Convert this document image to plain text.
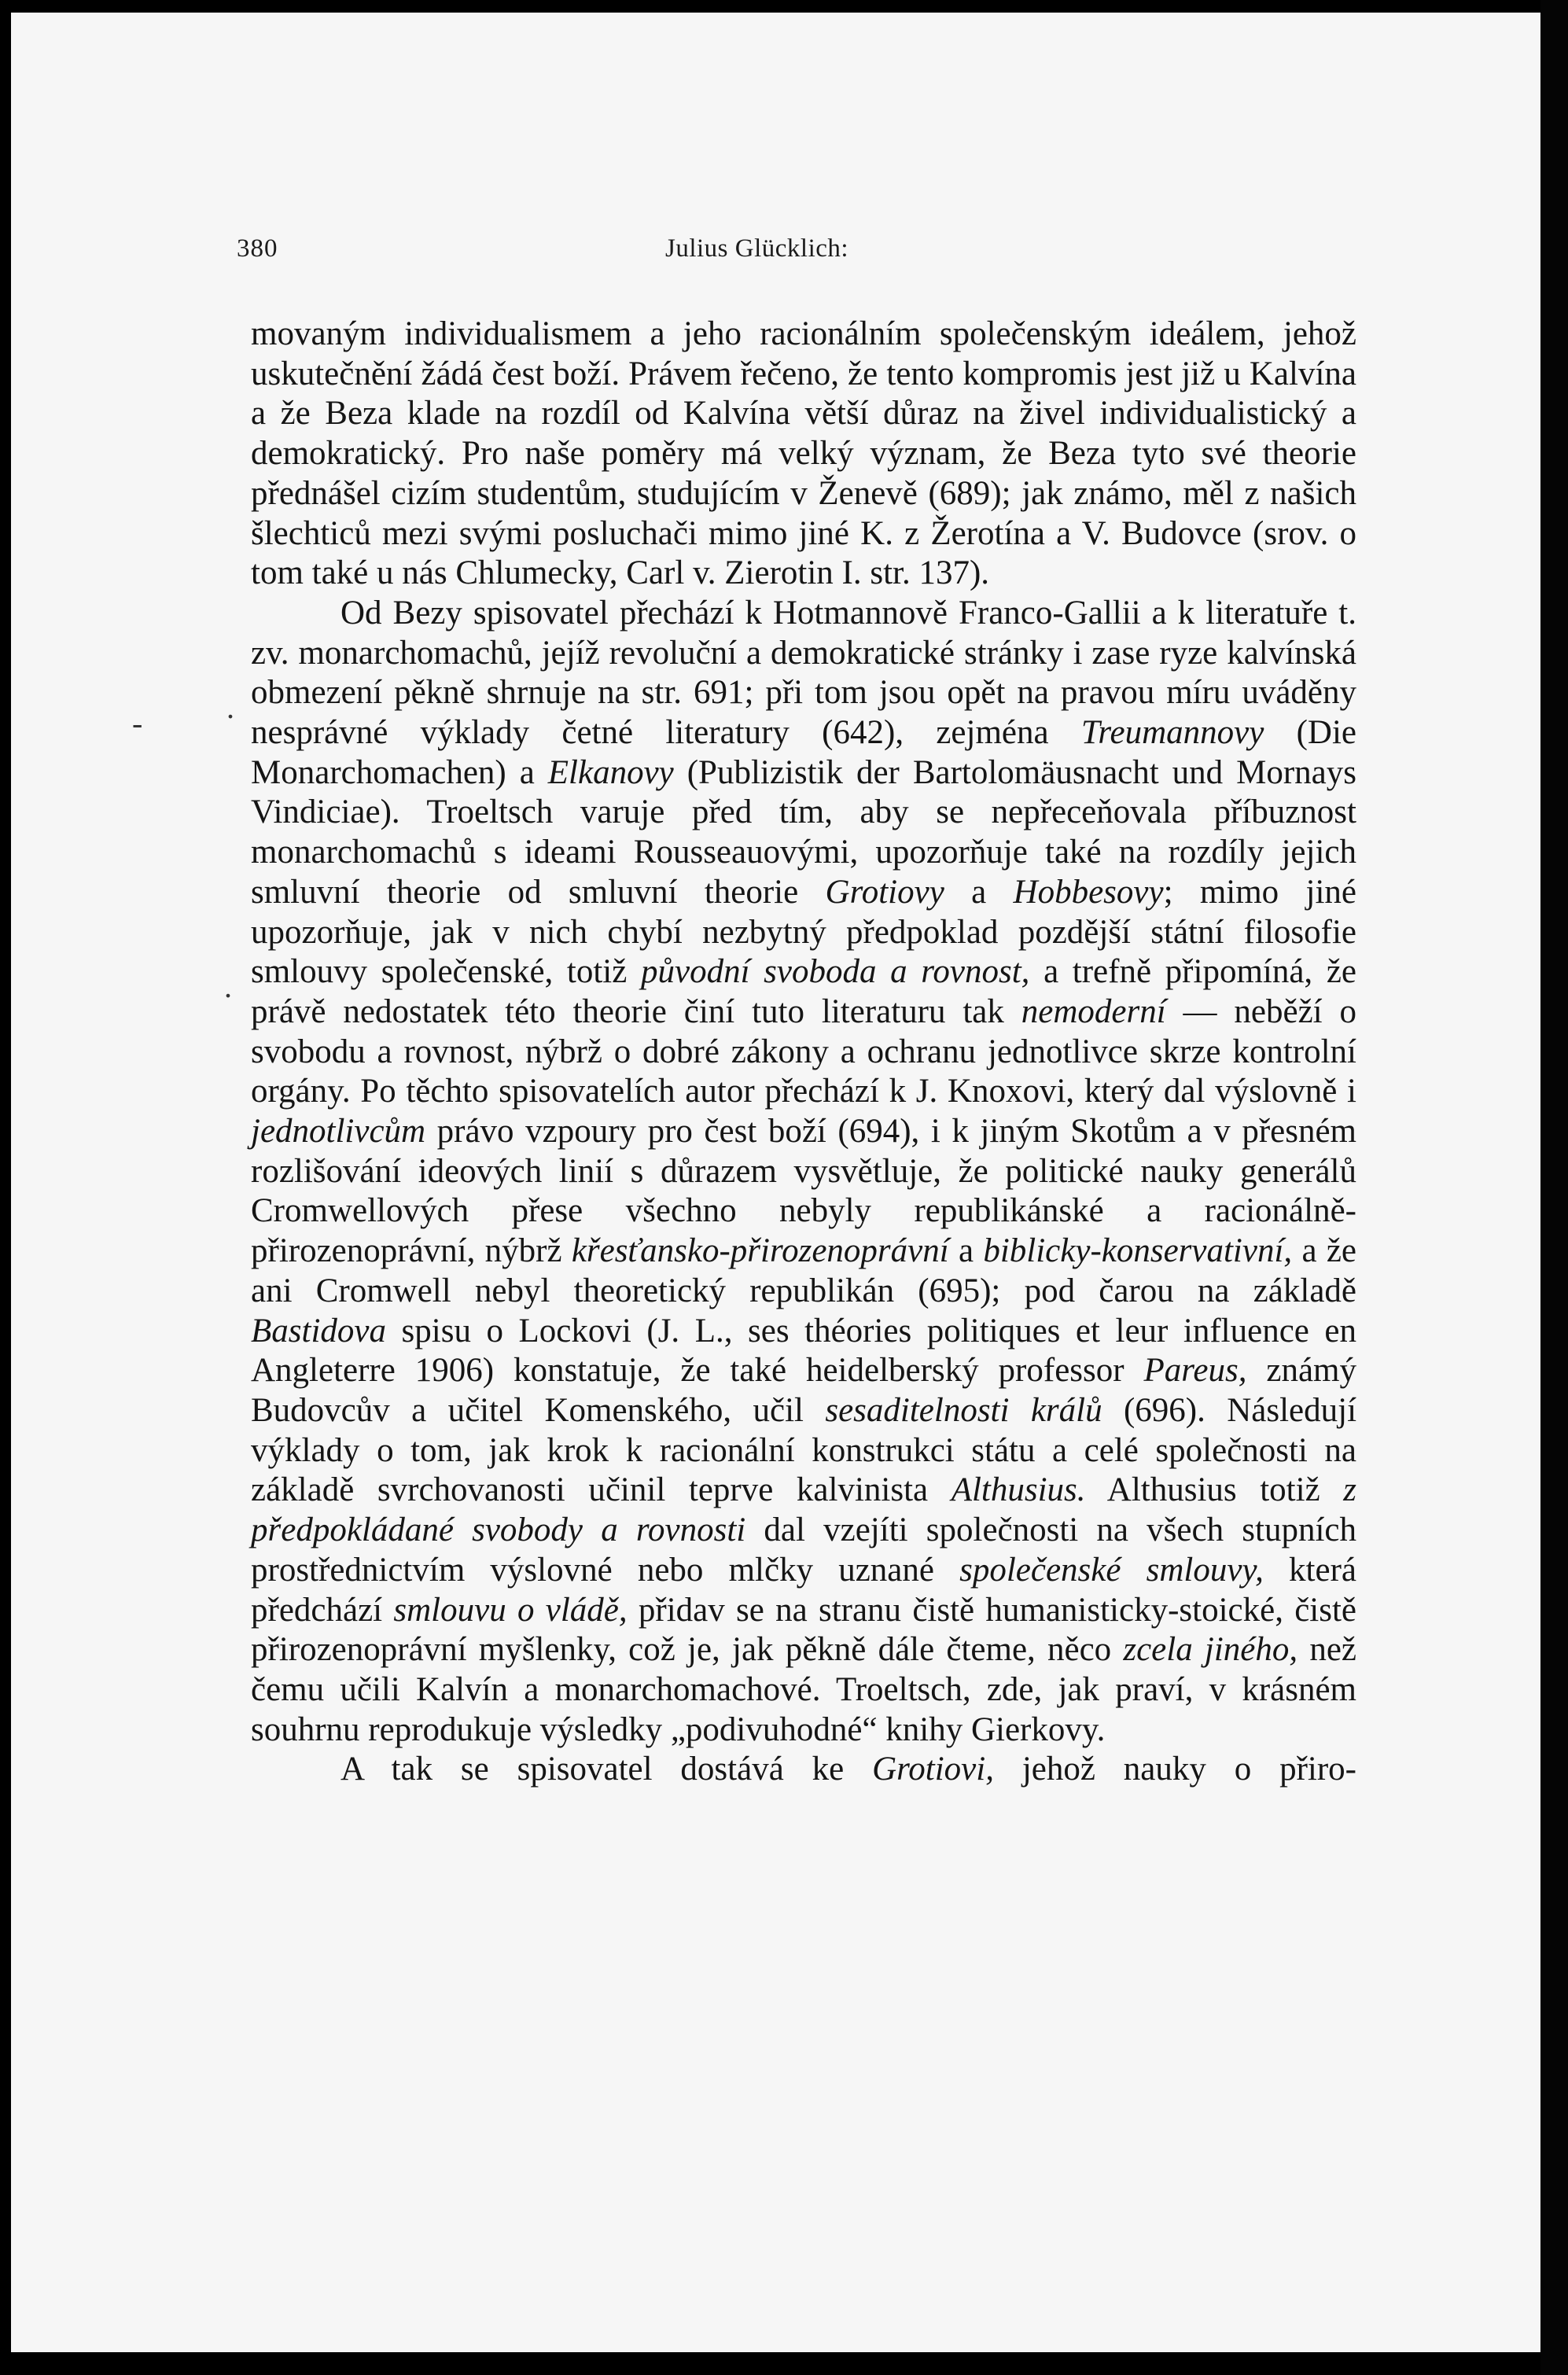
380	Julius Glücklich:
.
-
.

movaným individualismem a jeho racionálním společenským ideálem, jehož uskutečnění žádá čest boží. Právem řečeno, že tento kompromis jest již u Kalvína a že Beza klade na rozdíl od Kalvína větší důraz na živel individualistický a demokratický. Pro naše poměry má velký význam, že Beza tyto své theorie přednášel cizím studentům, studujícím v Ženevě (689); jak známo, měl z našich šlechticů mezi svými posluchači mimo jiné K. z Žerotína a V. Budovce (srov. o tom také u nás Chlumecky, Carl v. Zierotin I. str. 137).

Od Bezy spisovatel přechází k Hotmannově Franco-Gallii a k literatuře t. zv. monarchomachů, jejíž revoluční a demokratické stránky i zase ryze kalvínská obmezení pěkně shrnuje na str. 691; při tom jsou opět na pravou míru uváděny nesprávné výklady četné literatury (642), zejména Treumannovy (Die Monarchomachen) a Elkanovy (Publizistik der Bartolomäusnacht und Mornays Vindiciae). Troeltsch varuje před tím, aby se nepřeceňovala příbuznost monarchomachů s ideami Rousseauovými, upozorňuje také na rozdíly jejich smluvní theorie od smluvní theorie Grotiovy a Hobbesovy; mimo jiné upozorňuje, jak v nich chybí nezbytný předpoklad pozdější státní filosofie smlouvy společenské, totiž původní svoboda a rovnost, a trefně připomíná, že právě nedostatek této theorie činí tuto literaturu tak nemoderní — neběží o svobodu a rovnost, nýbrž o dobré zákony a ochranu jednotlivce skrze kontrolní orgány. Po těchto spisovatelích autor přechází k J. Knoxovi, který dal výslovně i jednotlivcům právo vzpoury pro čest boží (694), i k jiným Skotům a v přesném rozlišování ideových linií s důrazem vysvětluje, že politické nauky generálů Cromwellových přese všechno nebyly republikánské a racionálně-přirozenoprávní, nýbrž křesťansko-přirozenoprávní a biblicky-konservativní, a že ani Cromwell nebyl theoretický republikán (695); pod čarou na základě Bastidova spisu o Lockovi (J. L., ses théories politiques et leur influence en Angleterre 1906) konstatuje, že také heidelberský professor Pareus, známý Budovcův a učitel Komenského, učil sesaditelnosti králů (696). Následují výklady o tom, jak krok k racionální konstrukci státu a celé společnosti na základě svrchovanosti učinil teprve kalvinista Althusius. Althusius totiž z předpokládané svobody a rovnosti dal vzejíti společnosti na všech stupních prostřednictvím výslovné nebo mlčky uznané společenské smlouvy, která předchází smlouvu o vládě, přidav se na stranu čistě humanisticky-stoické, čistě přirozenoprávní myšlenky, což je, jak pěkně dále čteme, něco zcela jiného, než čemu učili Kalvín a monarchomachové. Troeltsch, zde, jak praví, v krásném souhrnu reprodukuje výsledky „podivuhodné“ knihy Gierkovy.

A tak se spisovatel dostává ke Grotiovi, jehož nauky o přiro-
